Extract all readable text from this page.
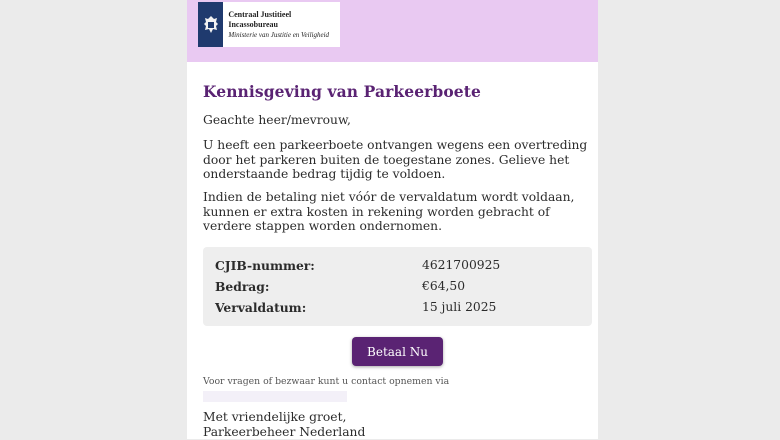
Centraal Justitieel Incassobureau
Ministerie van Justitie en Veiligheid
Kennisgeving van Parkeerboete

Geachte heer/mevrouw,

U heeft een parkeerboete ontvangen wegens een overtreding door het parkeren buiten de toegestane zones. Gelieve het onderstaande bedrag tijdig te voldoen.

Indien de betaling niet vóór de vervaldatum wordt voldaan, kunnen er extra kosten in rekening worden gebracht of verdere stappen worden ondernomen.

CJIB-nummer:	4621700925
Bedrag:	€64,50
Vervaldatum:	15 juli 2025
Betaal Nu
Voor vragen of bezwaar kunt u contact opnemen via
Met vriendelijke groet,
Parkeerbeheer Nederland
